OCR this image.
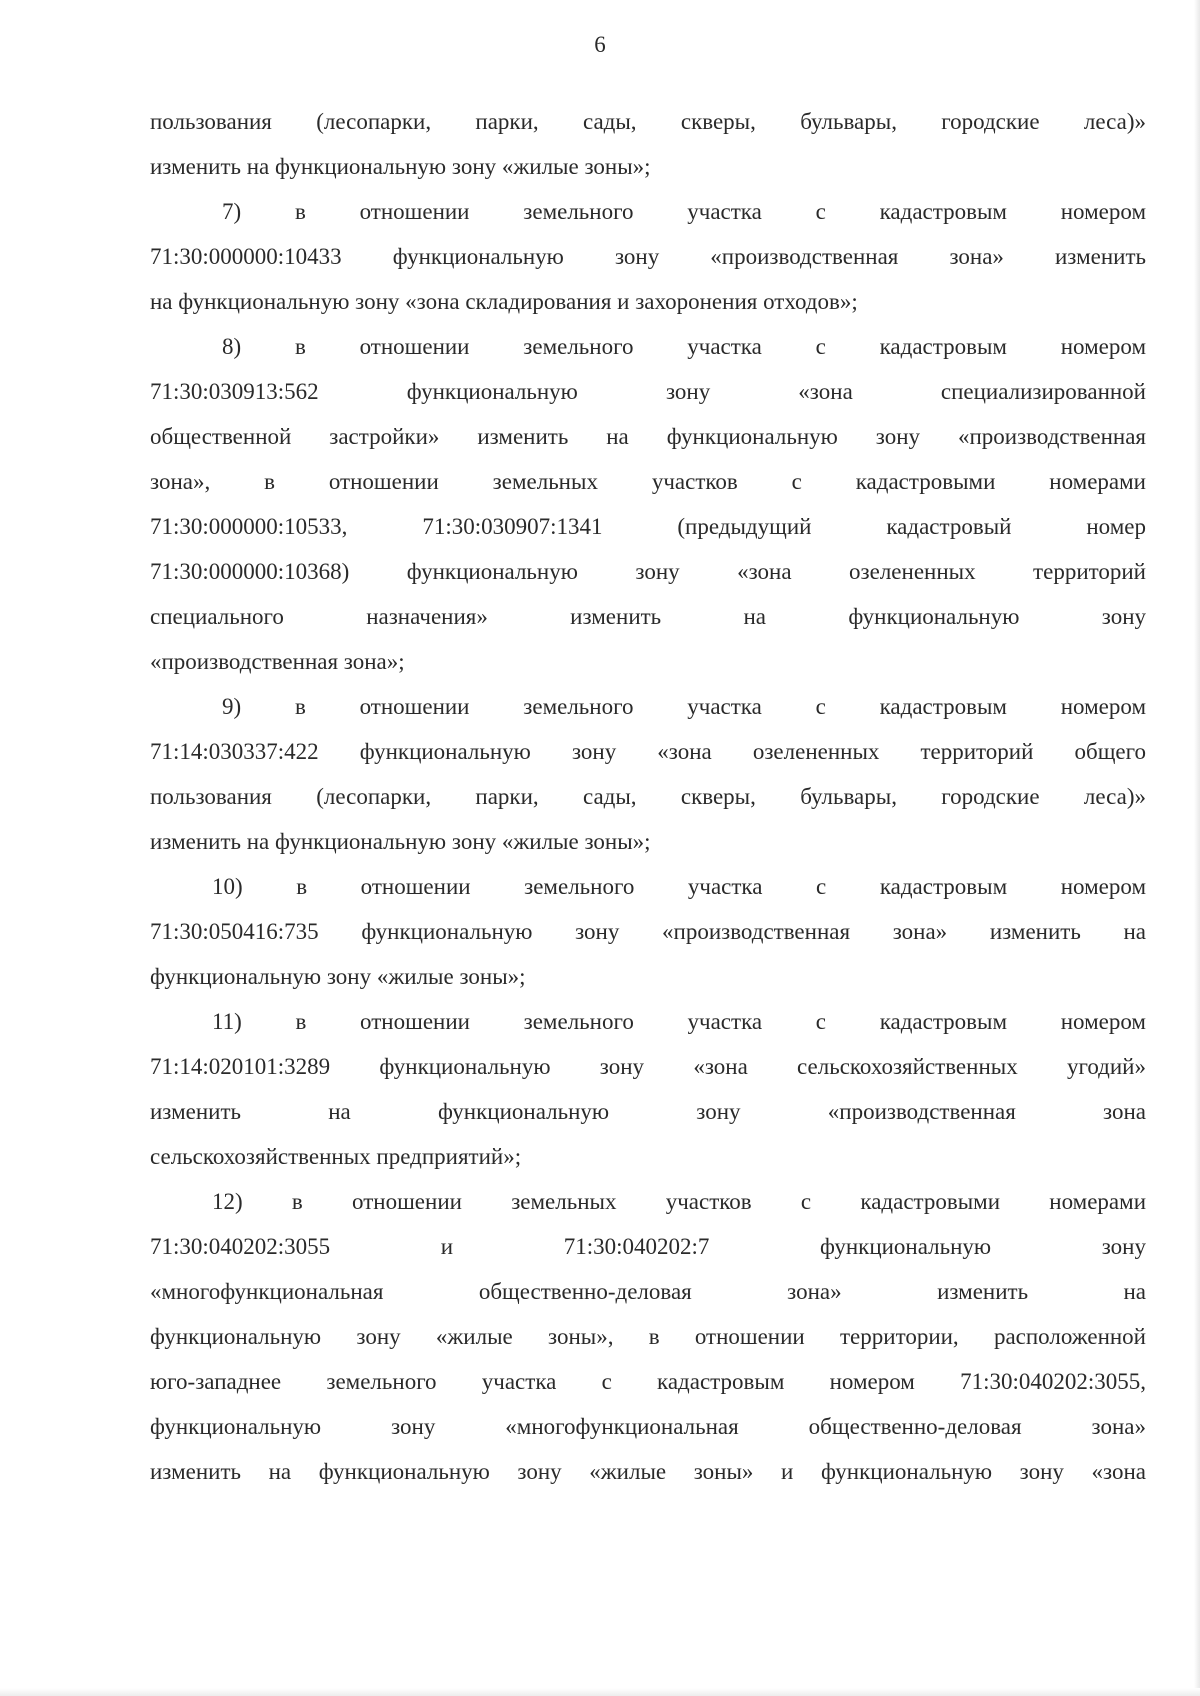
6
пользования (лесопарки, парки, сады, скверы, бульвары, городские леса)»
изменить на функциональную зону «жилые зоны»;
7) в отношении земельного участка с кадастровым номером
71:30:000000:10433 функциональную зону «производственная зона» изменить
на функциональную зону «зона складирования и захоронения отходов»;
8) в отношении земельного участка с кадастровым номером
71:30:030913:562 функциональную зону «зона специализированной
общественной застройки» изменить на функциональную зону «производственная
зона», в отношении земельных участков с кадастровыми номерами
71:30:000000:10533, 71:30:030907:1341 (предыдущий кадастровый номер
71:30:000000:10368) функциональную зону «зона озелененных территорий
специального назначения» изменить на функциональную зону
«производственная зона»;
9) в отношении земельного участка с кадастровым номером
71:14:030337:422 функциональную зону «зона озелененных территорий общего
пользования (лесопарки, парки, сады, скверы, бульвары, городские леса)»
изменить на функциональную зону «жилые зоны»;
10) в отношении земельного участка с кадастровым номером
71:30:050416:735 функциональную зону «производственная зона» изменить на
функциональную зону «жилые зоны»;
11) в отношении земельного участка с кадастровым номером
71:14:020101:3289 функциональную зону «зона сельскохозяйственных угодий»
изменить на функциональную зону «производственная зона
сельскохозяйственных предприятий»;
12) в отношении земельных участков с кадастровыми номерами
71:30:040202:3055 и 71:30:040202:7 функциональную зону
«многофункциональная общественно-деловая зона» изменить на
функциональную зону «жилые зоны», в отношении территории, расположенной
юго-западнее земельного участка с кадастровым номером 71:30:040202:3055,
функциональную зону «многофункциональная общественно-деловая зона»
изменить на функциональную зону «жилые зоны» и функциональную зону «зона
